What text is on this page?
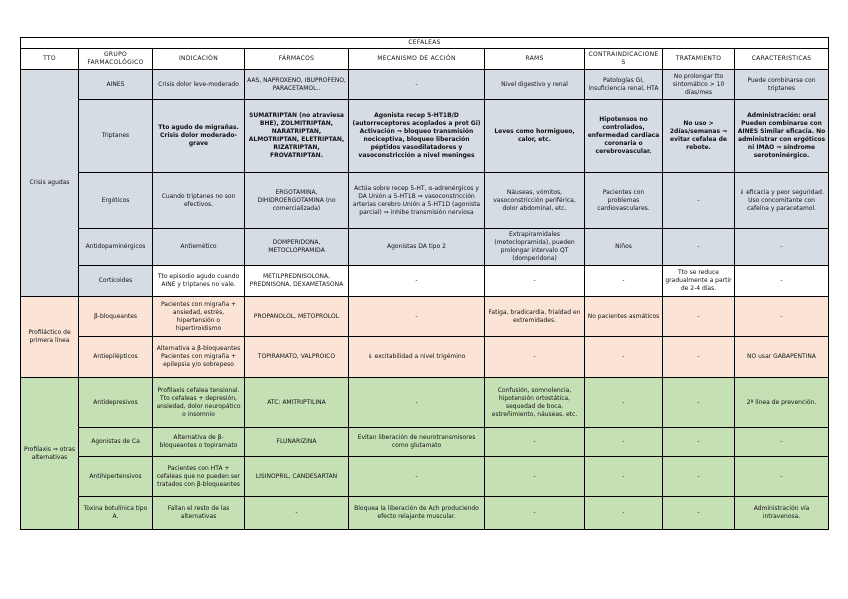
CEFALEAS								
TTO	GRUPO FARMACOLÓGICO	INDICACIÓN	FÁRMACOS	MECANISMO DE ACCIÓN	RAMS	CONTRAINDICACIONES	TRATAMIENTO	CARACTERISTICAS
Crisis agudas	AINES	Crisis dolor leve-moderado	AAS, NAPROXENO, IBUPROFENO, PARACETAMOL..	-	Nivel digestivo y renal	Patologías GI, insuficiencia renal, HTA	No prolongar tto sintomático > 10 días/mes	Puede combinarse con triptanes
	Triptanes	Tto agudo de migrañas. Crisis dolor moderado-grave	SUMATRIPTAN (no atraviesa BHE), ZOLMITRIPTAN, NARATRIPTAN, ALMOTRIPTAN, ELETRIPTAN, RIZATRIPTAN, FROVATRIPTAN.	Agonista recep 5-HT1B/D (autorreceptores acoplados a prot Gi) Activación ⇒ bloqueo transmisión nociceptiva, bloqueo liberación péptidos vasodilatadores y vasoconstricción a nivel meninges	Leves como hormigueo, calor, etc.	Hipotensos no controlados, enfermedad cardiaca coronaria o cerebrovascular.	No uso > 2días/semanas ⇒ evitar cefalea de rebote.	Administración: oral Pueden combinarse con AINES Similar eficacia. No administrar con ergóticos ni IMAO ⇒ síndrome serotoninérgico.
	Ergóticos	Cuando triptanes no son efectivos.	ERGOTAMINA, DIHIDROERGOTAMINA (no comercializada)	Actúa sobre recep 5-HT, α-adrenérgicos y DA Unión a 5-HT1B ⇒ vasoconstricción arterias cerebro Unión a 5-HT1D (agonista parcial) ⇒ inhibe transmisión nerviosa	Náuseas, vómitos, vasoconstricción periférica, dolor abdominal, etc.	Pacientes con problemas cardiovasculares.	-	⇓ eficacia y peor seguridad. Uso concomitante con cafeína y paracetamol.
	Antidopaminérgicos	Antiemético	DOMPERIDONA, METOCLOPRAMIDA	Agonistas DA tipo 2	Extrapiramidales (metoclopramida), pueden prolongar intervalo QT (domperidona)	Niños	-	-
	Corticoides	Tto episodio agudo cuando AINE y triptanes no vale.	METILPREDNISOLONA, PREDNISONA, DEXAMETASONA	-	-	-	Tto se reduce gradualmente a partir de 2-4 días.	-
Profiláctico de primera línea	β-bloqueantes	Pacientes con migraña + ansiedad, estrés, hipertensión o hipertiroidismo	PROPANOLOL, METOPROLOL	-	Fatiga, bradicardia, frialdad en extremidades.	No pacientes asmáticos	-	-
	Antiepilépticos	Alternativa a β-bloqueantes Pacientes con migraña + epilepsia y/o sobrepeso	TOPIRAMATO, VALPROICO	⇓ excitabilidad a nivel trigémino	-	-	-	NO usar GABAPENTINA
Profilaxis ⇒ otras alternativas	Antidepresivos	Profilaxis cefalea tensional. Tto cefaleas + depresión, ansiedad, dolor neuropático o insomnio	ATC: AMITRIPTILINA	-	Confusión, somnolencia, hipotensión ortostática, sequedad de boca, estreñimiento, náuseas, etc.	-	-	2ª línea de prevención.
	Agonistas de Ca	Alternativa de β-bloqueantes o topiramato	FLUNARIZINA	Evitan liberación de neurotransmisores como glutamato	-	-	-	-
	Antihipertensivos	Pacientes con HTA + cefaleas que no pueden ser tratados con β-bloqueantes	LISINOPRIL, CANDESARTAN	-	-	-	-	-
	Toxina botulínica tipo A.	Fallan el resto de las alternativas	-	Bloquea la liberación de Ach produciendo efecto relajante muscular.	-	-	-	Administración vía intravenosa.
